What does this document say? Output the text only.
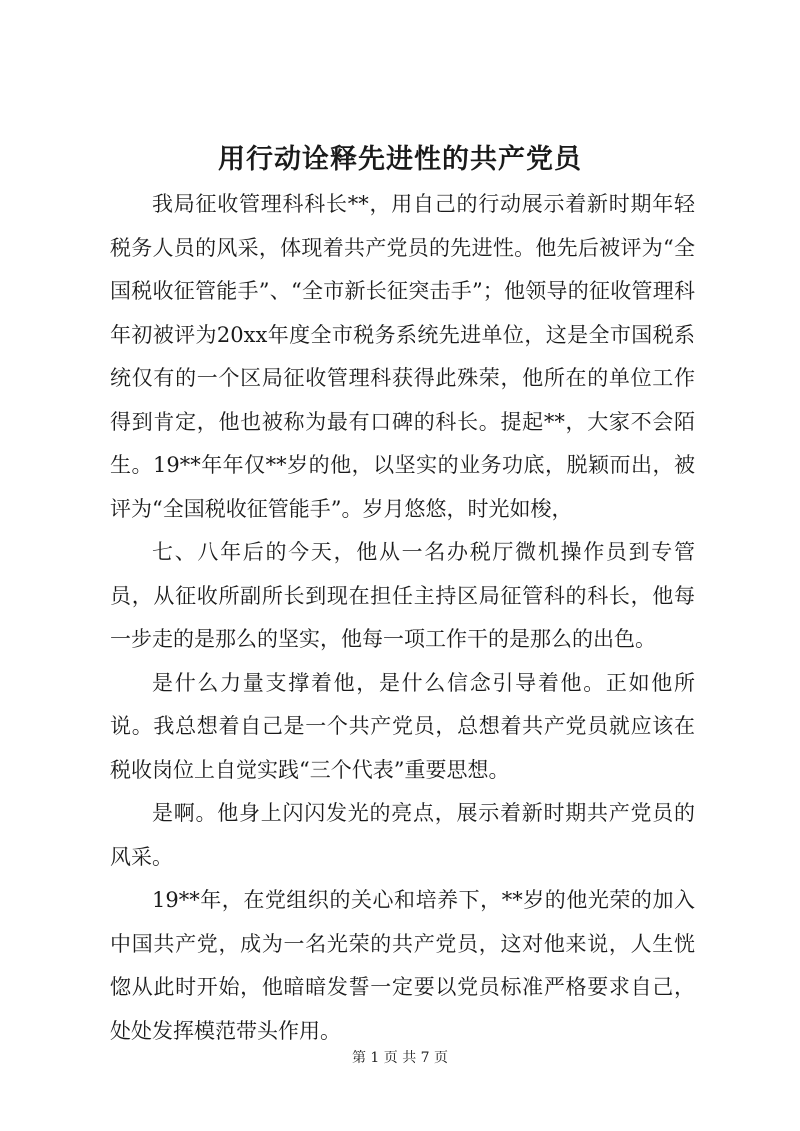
用行动诠释先进性的共产党员

我局征收管理科科长**，用自己的行动展示着新时期年轻税务人员的风采，体现着共产党员的先进性。他先后被评为“全国税收征管能手”、“全市新长征突击手”；他领导的征收管理科年初被评为20xx年度全市税务系统先进单位，这是全市国税系统仅有的一个区局征收管理科获得此殊荣，他所在的单位工作得到肯定，他也被称为最有口碑的科长。提起**，大家不会陌生。19**年年仅**岁的他，以坚实的业务功底，脱颖而出，被评为“全国税收征管能手”。岁月悠悠，时光如梭，

七、八年后的今天，他从一名办税厅微机操作员到专管员，从征收所副所长到现在担任主持区局征管科的科长，他每一步走的是那么的坚实，他每一项工作干的是那么的出色。

是什么力量支撑着他，是什么信念引导着他。正如他所说。我总想着自己是一个共产党员，总想着共产党员就应该在税收岗位上自觉实践“三个代表”重要思想。

是啊。他身上闪闪发光的亮点，展示着新时期共产党员的风采。

19**年，在党组织的关心和培养下，**岁的他光荣的加入中国共产党，成为一名光荣的共产党员，这对他来说，人生恍惚从此时开始，他暗暗发誓一定要以党员标准严格要求自己，处处发挥模范带头作用。

第 1 页 共 7 页
